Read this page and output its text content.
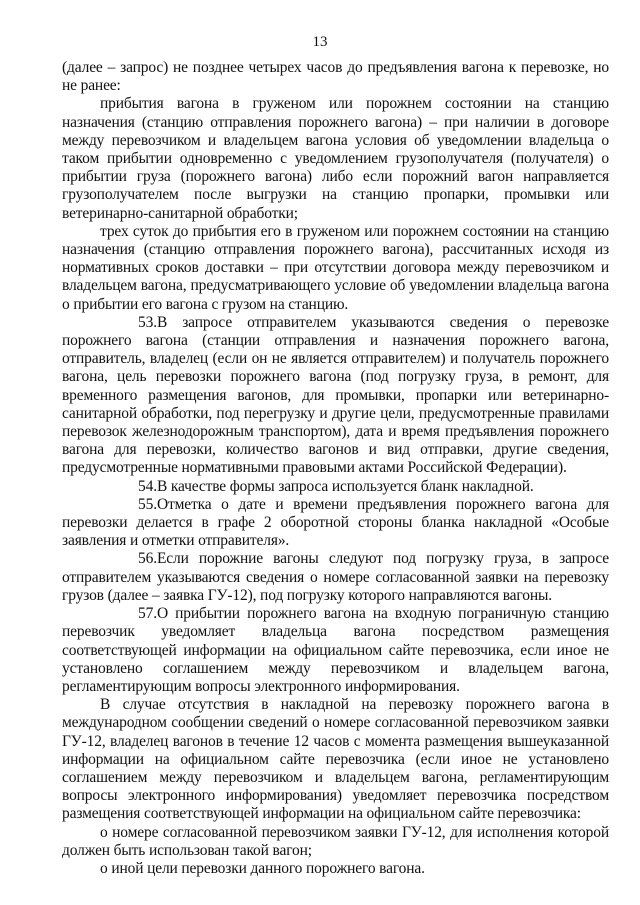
13

(далее – запрос) не позднее четырех часов до предъявления вагона к перевозке, но не ранее:

прибытия вагона в груженом или порожнем состоянии на станцию назначения (станцию отправления порожнего вагона) – при наличии в договоре между перевозчиком и владельцем вагона условия об уведомлении владельца о таком прибытии одновременно с уведомлением грузополучателя (получателя) о прибытии груза (порожнего вагона) либо если порожний вагон направляется грузополучателем после выгрузки на станцию пропарки, промывки или ветеринарно-санитарной обработки;

трех суток до прибытия его в груженом или порожнем состоянии на станцию назначения (станцию отправления порожнего вагона), рассчитанных исходя из нормативных сроков доставки – при отсутствии договора между перевозчиком и владельцем вагона, предусматривающего условие об уведомлении владельца вагона о прибытии его вагона с грузом на станцию.

53.В запросе отправителем указываются сведения о перевозке порожнего вагона (станции отправления и назначения порожнего вагона, отправитель, владелец (если он не является отправителем) и получатель порожнего вагона, цель перевозки порожнего вагона (под погрузку груза, в ремонт, для временного размещения вагонов, для промывки, пропарки или ветеринарно-санитарной обработки, под перегрузку и другие цели, предусмотренные правилами перевозок железнодорожным транспортом), дата и время предъявления порожнего вагона для перевозки, количество вагонов и вид отправки, другие сведения, предусмотренные нормативными правовыми актами Российской Федерации).

54.В качестве формы запроса используется бланк накладной.

55.Отметка о дате и времени предъявления порожнего вагона для перевозки делается в графе 2 оборотной стороны бланка накладной «Особые заявления и отметки отправителя».

56.Если порожние вагоны следуют под погрузку груза, в запросе отправителем указываются сведения о номере согласованной заявки на перевозку грузов (далее – заявка ГУ-12), под погрузку которого направляются вагоны.

57.О прибытии порожнего вагона на входную пограничную станцию перевозчик уведомляет владельца вагона посредством размещения соответствующей информации на официальном сайте перевозчика, если иное не установлено соглашением между перевозчиком и владельцем вагона, регламентирующим вопросы электронного информирования.

В случае отсутствия в накладной на перевозку порожнего вагона в международном сообщении сведений о номере согласованной перевозчиком заявки ГУ-12, владелец вагонов в течение 12 часов с момента размещения вышеуказанной информации на официальном сайте перевозчика (если иное не установлено соглашением между перевозчиком и владельцем вагона, регламентирующим вопросы электронного информирования) уведомляет перевозчика посредством размещения соответствующей информации на официальном сайте перевозчика:

о номере согласованной перевозчиком заявки ГУ-12, для исполнения которой должен быть использован такой вагон;

о иной цели перевозки данного порожнего вагона.
